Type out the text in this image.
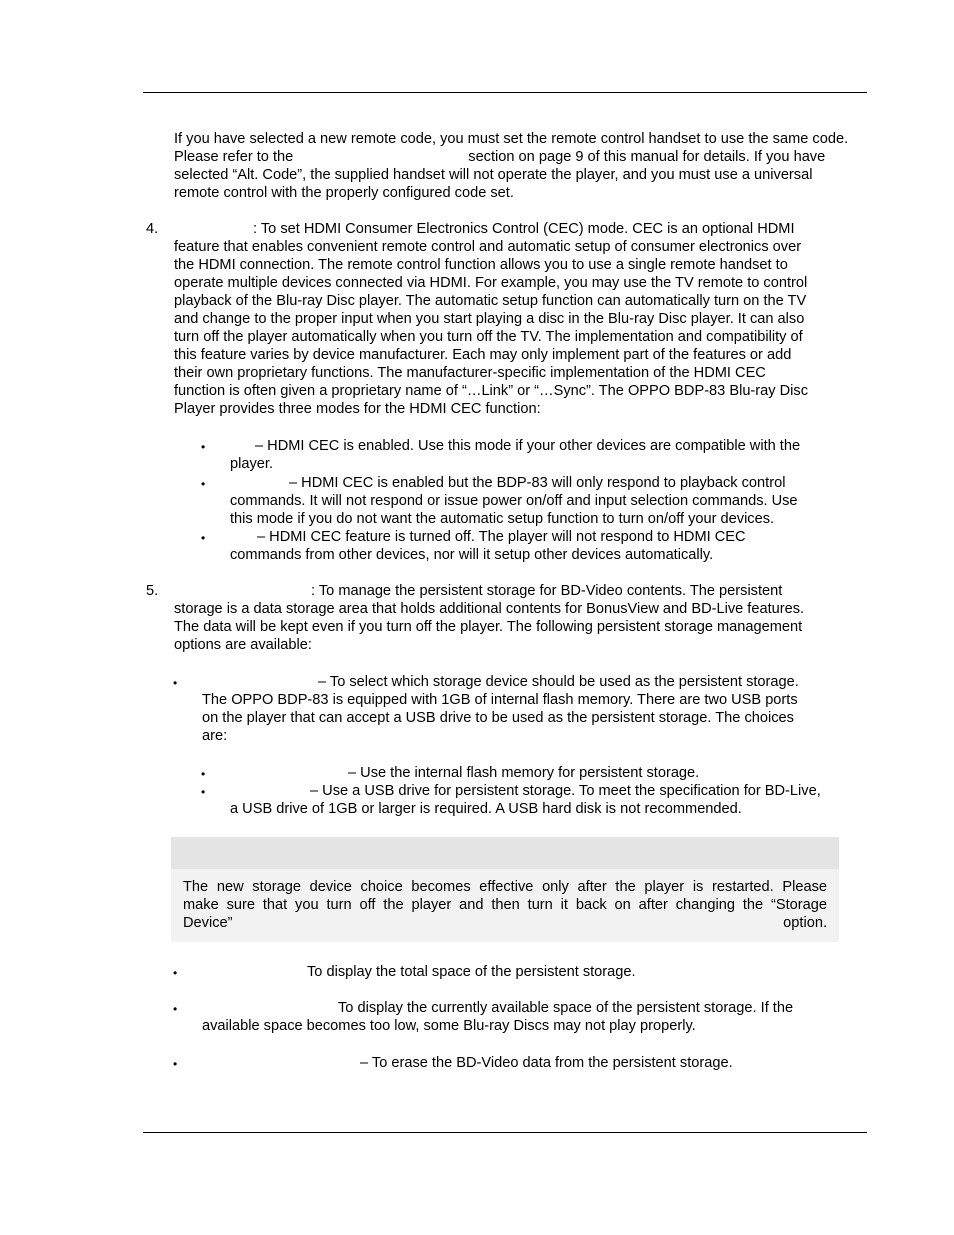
If you have selected a new remote code, you must set the remote control handset to use the same code.
Please refer to the	section on page 9 of this manual for details. If you have
selected “Alt. Code”, the supplied handset will not operate the player, and you must use a universal
remote control with the properly configured code set.
4.	: To set HDMI Consumer Electronics Control (CEC) mode. CEC is an optional HDMI
feature that enables convenient remote control and automatic setup of consumer electronics over
the HDMI connection. The remote control function allows you to use a single remote handset to
operate multiple devices connected via HDMI. For example, you may use the TV remote to control
playback of the Blu-ray Disc player. The automatic setup function can automatically turn on the TV
and change to the proper input when you start playing a disc in the Blu-ray Disc player. It can also
turn off the player automatically when you turn off the TV. The implementation and compatibility of
this feature varies by device manufacturer. Each may only implement part of the features or add
their own proprietary functions. The manufacturer-specific implementation of the HDMI CEC
function is often given a proprietary name of “…Link” or “…Sync”. The OPPO BDP-83 Blu-ray Disc
Player provides three modes for the HDMI CEC function:
•	– HDMI CEC is enabled. Use this mode if your other devices are compatible with the
player.
•	– HDMI CEC is enabled but the BDP-83 will only respond to playback control
commands. It will not respond or issue power on/off and input selection commands. Use
this mode if you do not want the automatic setup function to turn on/off your devices.
•	– HDMI CEC feature is turned off. The player will not respond to HDMI CEC
commands from other devices, nor will it setup other devices automatically.
5.	: To manage the persistent storage for BD-Video contents. The persistent
storage is a data storage area that holds additional contents for BonusView and BD-Live features.
The data will be kept even if you turn off the player. The following persistent storage management
options are available:
•	– To select which storage device should be used as the persistent storage.
The OPPO BDP-83 is equipped with 1GB of internal flash memory. There are two USB ports
on the player that can accept a USB drive to be used as the persistent storage. The choices
are:
•	– Use the internal flash memory for persistent storage.
•	– Use a USB drive for persistent storage. To meet the specification for BD-Live,
a USB drive of 1GB or larger is required. A USB hard disk is not recommended.
The new storage device choice becomes effective only after the player is restarted. Please
make sure that you turn off the player and then turn it back on after changing the “Storage
Device” option.
•	To display the total space of the persistent storage.
•	To display the currently available space of the persistent storage. If the
available space becomes too low, some Blu-ray Discs may not play properly.
•	– To erase the BD-Video data from the persistent storage.
